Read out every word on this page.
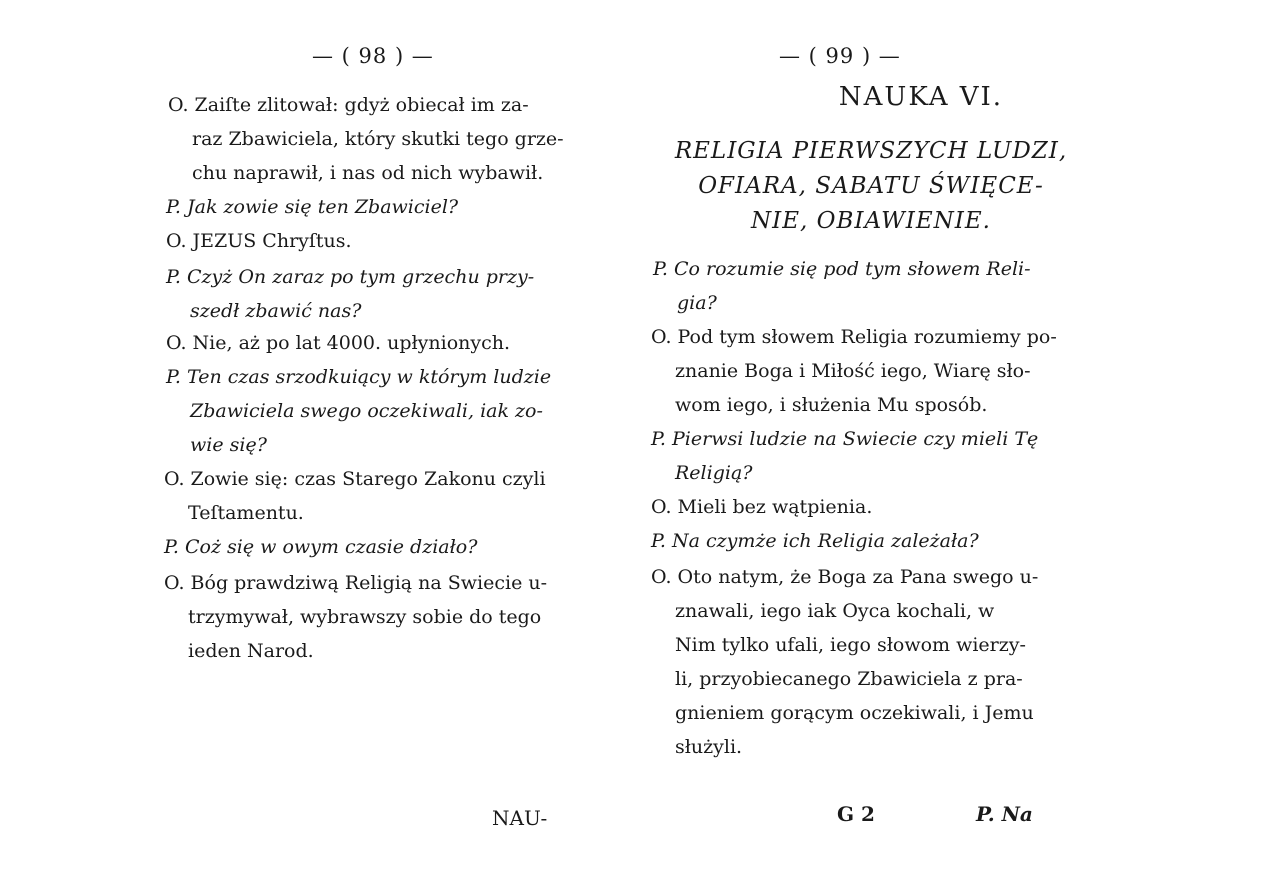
— ( 98 ) —
O. Zaiſte zlitował: gdyż obiecał im za-
raz Zbawiciela, który skutki tego grze-
chu naprawił, i nas od nich wybawił.
P. Jak zowie się ten Zbawiciel?
O. JEZUS Chryſtus.
P. Czyż On zaraz po tym grzechu przy-
szedł zbawić nas?
O. Nie, aż po lat 4000. upłynionych.
P. Ten czas srzodkuiący w którym ludzie
Zbawiciela swego oczekiwali, iak zo-
wie się?
O. Zowie się: czas Starego Zakonu czyli
Teſtamentu.
P. Coż się w owym czasie działo?
O. Bóg prawdziwą Religią na Swiecie u-
trzymywał, wybrawszy sobie do tego
ieden Narod.
NAU-
— ( 99 ) —
NAUKA VI.
RELIGIA PIERWSZYCH LUDZI,
OFIARA, SABATU ŚWIĘCE-
NIE, OBIAWIENIE.
P. Co rozumie się pod tym słowem Reli-
gia?
O. Pod tym słowem Religia rozumiemy po-
znanie Boga i Miłość iego, Wiarę sło-
wom iego, i służenia Mu sposób.
P. Pierwsi ludzie na Swiecie czy mieli Tę
Religią?
O. Mieli bez wątpienia.
P. Na czymże ich Religia zależała?
O. Oto natym, że Boga za Pana swego u-
znawali, iego iak Oyca kochali, w
Nim tylko ufali, iego słowom wierzy-
li, przyobiecanego Zbawiciela z pra-
gnieniem gorącym oczekiwali, i Jemu
służyli.
G 2	P. Na
